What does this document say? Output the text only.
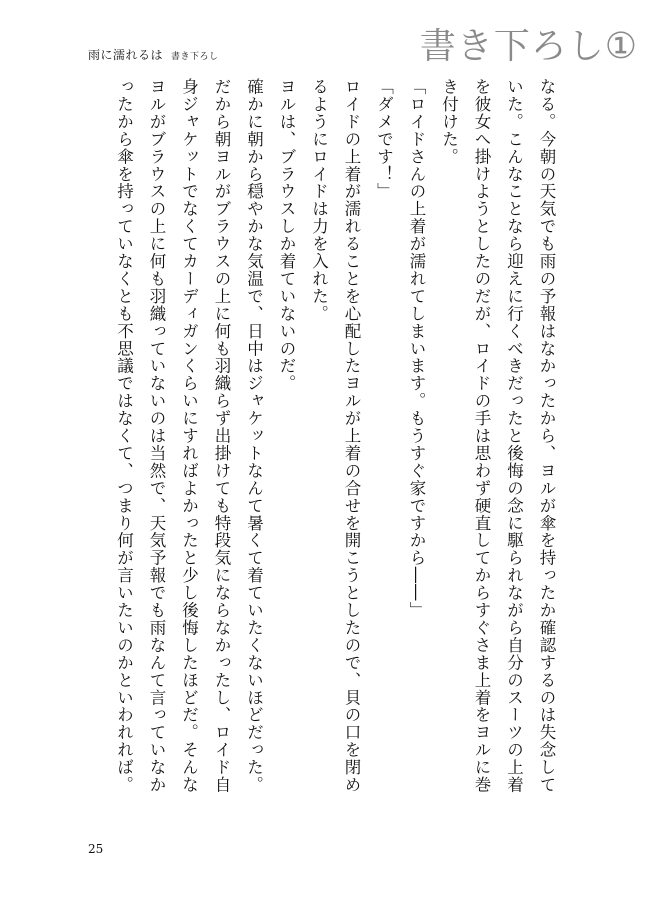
雨に濡れるは 書き下ろし	書き下ろし①

なる。今朝の天気でも雨の予報はなかったから、ヨルが傘を持ったか確認するのは失念していた。こんなことなら迎えに行くべきだったと後悔の念に駆られながら自分のスーツの上着を彼女へ掛けようとしたのだが、ロイドの手は思わず硬直してからすぐさま上着をヨルに巻き付けた。

「ロイドさんの上着が濡れてしまいます。もうすぐ家ですから――」

「ダメです！」

ロイドの上着が濡れることを心配したヨルが上着の合せを開こうとしたので、貝の口を閉めるようにロイドは力を入れた。

ヨルは、ブラウスしか着ていないのだ。

確かに朝から穏やかな気温で、日中はジャケットなんて暑くて着ていたくないほどだった。だから朝ヨルがブラウスの上に何も羽織らず出掛けても特段気にならなかったし、ロイド自身ジャケットでなくてカーディガンくらいにすればよかったと少し後悔したほどだ。そんなヨルがブラウスの上に何も羽織っていないのは当然で、天気予報でも雨なんて言っていなかったから傘を持っていなくとも不思議ではなくて、つまり何が言いたいのかといわれれば。

25
